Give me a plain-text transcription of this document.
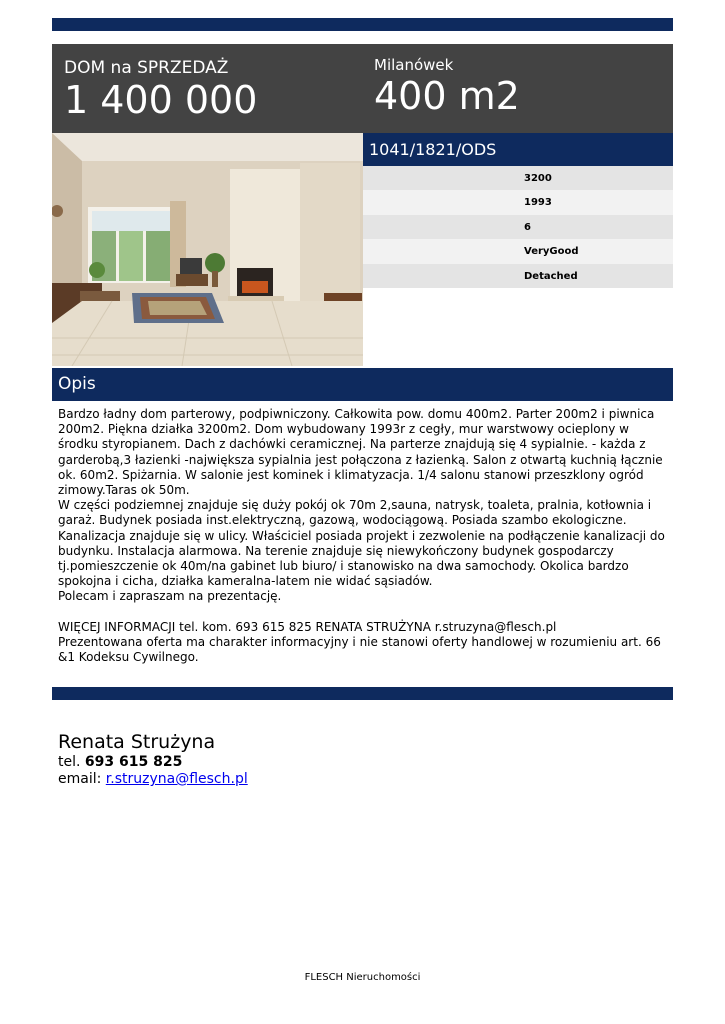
DOM na SPRZEDAŻ
1 400 000
Milanówek
400 m2
1041/1821/ODS
3200
1993
6
VeryGood
Detached
Opis

Bardzo ładny dom parterowy, podpiwniczony. Całkowita pow. domu 400m2. Parter 200m2 i piwnica 200m2. Piękna działka 3200m2. Dom wybudowany 1993r z cegły, mur warstwowy ocieplony w środku styropianem. Dach z dachówki ceramicznej. Na parterze znajdują się 4 sypialnie. - każda z garderobą,3 łazienki -największa sypialnia jest połączona z łazienką. Salon z otwartą kuchnią łącznie ok. 60m2. Spiżarnia. W salonie jest kominek i klimatyzacja. 1/4 salonu stanowi przeszklony ogród zimowy.Taras ok 50m.
W części podziemnej znajduje się duży pokój ok 70m 2,sauna, natrysk, toaleta, pralnia, kotłownia i garaż. Budynek posiada inst.elektryczną, gazową, wodociągową. Posiada szambo ekologiczne. Kanalizacja znajduje się w ulicy. Właściciel posiada projekt i zezwolenie na podłączenie kanalizacji do budynku. Instalacja alarmowa. Na terenie znajduje się niewykończony budynek gospodarczy tj.pomieszczenie ok 40m/na gabinet lub biuro/ i stanowisko na dwa samochody. Okolica bardzo spokojna i cicha, działka kameralna-latem nie widać sąsiadów.
Polecam i zapraszam na prezentację.

WIĘCEJ INFORMACJI tel. kom. 693 615 825 RENATA STRUŻYNA r.struzyna@flesch.pl
Prezentowana oferta ma charakter informacyjny i nie stanowi oferty handlowej w rozumieniu art. 66 &1 Kodeksu Cywilnego.

Renata Strużyna
tel. 693 615 825
email: r.struzyna@flesch.pl
FLESCH Nieruchomości
